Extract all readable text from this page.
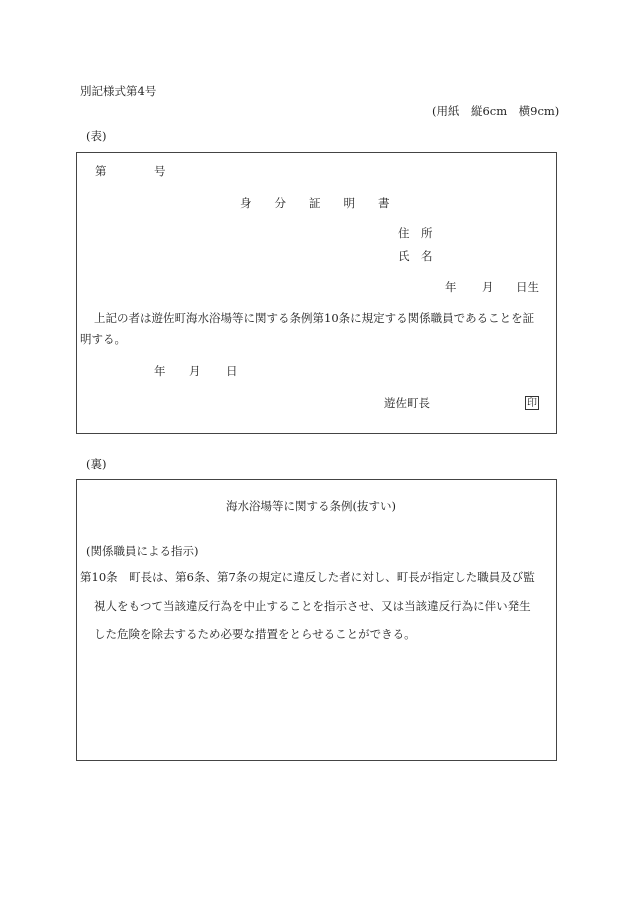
別記様式第4号
(用紙　縦6cm　横9cm)
(表)
第	号
身　　分　　証　　明　　書
住　所
氏　名
年 月 日生
上記の者は遊佐町海水浴場等に関する条例第10条に規定する関係職員であることを証
明する。
年 月 日
遊佐町長	印
(裏)
海水浴場等に関する条例(抜すい)
(関係職員による指示)
第10条　町長は、第6条、第7条の規定に違反した者に対し、町長が指定した職員及び監
視人をもつて当該違反行為を中止することを指示させ、又は当該違反行為に伴い発生
した危険を除去するため必要な措置をとらせることができる。
